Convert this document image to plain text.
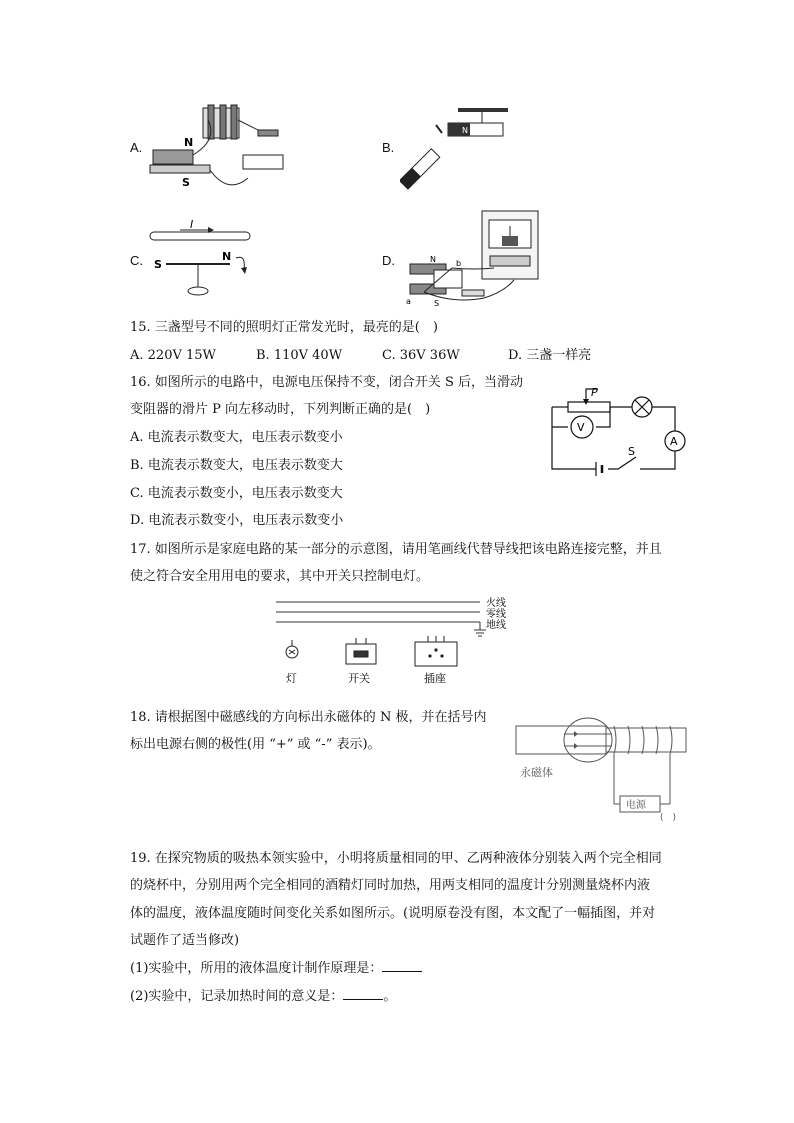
A.	N
S
B.
N
C.
I
S
N	D.	N
S
a
b
15. 三盏型号不同的照明灯正常发光时，最亮的是(　)
A. 220V 15W	B. 110V 40W	C. 36V 36W	D. 三盏一样亮
16. 如图所示的电路中，电源电压保持不变，闭合开关 S 后，当滑动
变阻器的滑片 P 向左移动时，下列判断正确的是(　)
A. 电流表示数变大，电压表示数变小
B. 电流表示数变大，电压表示数变大
C. 电流表示数变小，电压表示数变大
D. 电流表示数变小，电压表示数变小
P
V
A
S
17. 如图所示是家庭电路的某一部分的示意图，请用笔画线代替导线把该电路连接完整，并且
使之符合安全用用电的要求，其中开关只控制电灯。
火线
零线
地线
灯	开关	插座
18. 请根据图中磁感线的方向标出永磁体的 N 极，并在括号内
标出电源右侧的极性(用 “+” 或 “-” 表示)。
永磁体
电源
(　)
19. 在探究物质的吸热本领实验中，小明将质量相同的甲、乙两种液体分别装入两个完全相同
的烧杯中，分别用两个完全相同的酒精灯同时加热，用两支相同的温度计分别测量烧杯内液
体的温度，液体温度随时间变化关系如图所示。(说明原卷没有图，本文配了一幅插图，并对
试题作了适当修改)
(1)实验中，所用的液体温度计制作原理是：
(2)实验中，记录加热时间的意义是：	。
